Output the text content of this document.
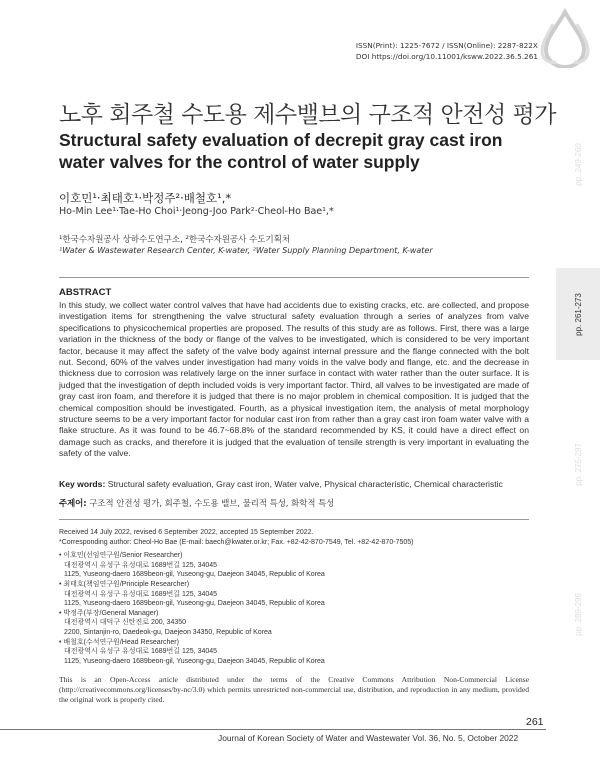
ISSN(Print): 1225-7672 / ISSN(Online): 2287-822X
DOI https://doi.org/10.11001/ksww.2022.36.5.261
노후 회주철 수도용 제수밸브의 구조적 안전성 평가
Structural safety evaluation of decrepit gray cast iron water valves for the control of water supply
이호민¹·최태호¹·박정주²·배철호¹,*
Ho-Min Lee¹·Tae-Ho Choi¹·Jeong-Joo Park²·Cheol-Ho Bae¹,*
¹한국수자원공사 상하수도연구소, ²한국수자원공사 수도기획처
¹Water & Wastewater Research Center, K-water, ²Water Supply Planning Department, K-water
ABSTRACT
In this study, we collect water control valves that have had accidents due to existing cracks, etc. are collected, and propose investigation items for strengthening the valve structural safety evaluation through a series of analyzes from valve specifications to physicochemical properties are proposed. The results of this study are as follows. First, there was a large variation in the thickness of the body or flange of the valves to be investigated, which is considered to be very important factor, because it may affect the safety of the valve body against internal pressure and the flange connected with the bolt nut. Second, 60% of the valves under investigation had many voids in the valve body and flange, etc. and the decrease in thickness due to corrosion was relatively large on the inner surface in contact with water rather than the outer surface. It is judged that the investigation of depth included voids is very important factor. Third, all valves to be investigated are made of gray cast iron foam, and therefore it is judged that there is no major problem in chemical composition. It is judged that the chemical composition should be investigated. Fourth, as a physical investigation item, the analysis of metal morphology structure seems to be a very important factor for nodular cast iron from rather than a gray cast iron foam water valve with a flake structure. As it was found to be 46.7~68.8% of the standard recommended by KS, it could have a direct effect on damage such as cracks, and therefore it is judged that the evaluation of tensile strength is very important in evaluating the safety of the valve.
Key words: Structural safety evaluation, Gray cast iron, Water valve, Physical characteristic, Chemical characteristic
주제어: 구조적 안전성 평가, 회주철, 수도용 밸브, 물리적 특성, 화학적 특성
Received 14 July 2022, revised 6 September 2022, accepted 15 September 2022.
*Corresponding author: Cheol-Ho Bae (E-mail: baech@kwater.or.kr; Fax. +82-42-870-7549, Tel. +82-42-870-7505)
• 이호민(선임연구원/Senior Researcher)
대전광역시 유성구 유성대로 1689번길 125, 34045
1125, Yuseong-daero 1689beon-gil, Yuseong-gu, Daejeon 34045, Republic of Korea
• 최태호(책임연구원/Principle Researcher)
대전광역시 유성구 유성대로 1689번길 125, 34045
1125, Yuseong-daero 1689beon-gil, Yuseong-gu, Daejeon 34045, Republic of Korea
• 박정주(부장/General Manager)
대전광역시 대덕구 신탄진로 200, 34350
2200, Sintanjin-ro, Daedeok-gu, Daejeon 34350, Republic of Korea
• 배철호(수석연구원/Head Researcher)
대전광역시 유성구 유성대로 1689번길 125, 34045
1125, Yuseong-daero 1689beon-gil, Yuseong-gu, Daejeon 34045, Republic of Korea
This is an Open-Access article distributed under the terms of the Creative Commons Attribution Non-Commercial License (http://creativecommons.org/licenses/by-nc/3.0) which permits unrestricted non-commercial use, distribution, and reproduction in any medium, provided the original work is properly cited.
261
Journal of Korean Society of Water and Wastewater Vol. 36, No. 5, October 2022
pp. 249-260
pp. 261-273
pp. 275-287
pp. 289-296
